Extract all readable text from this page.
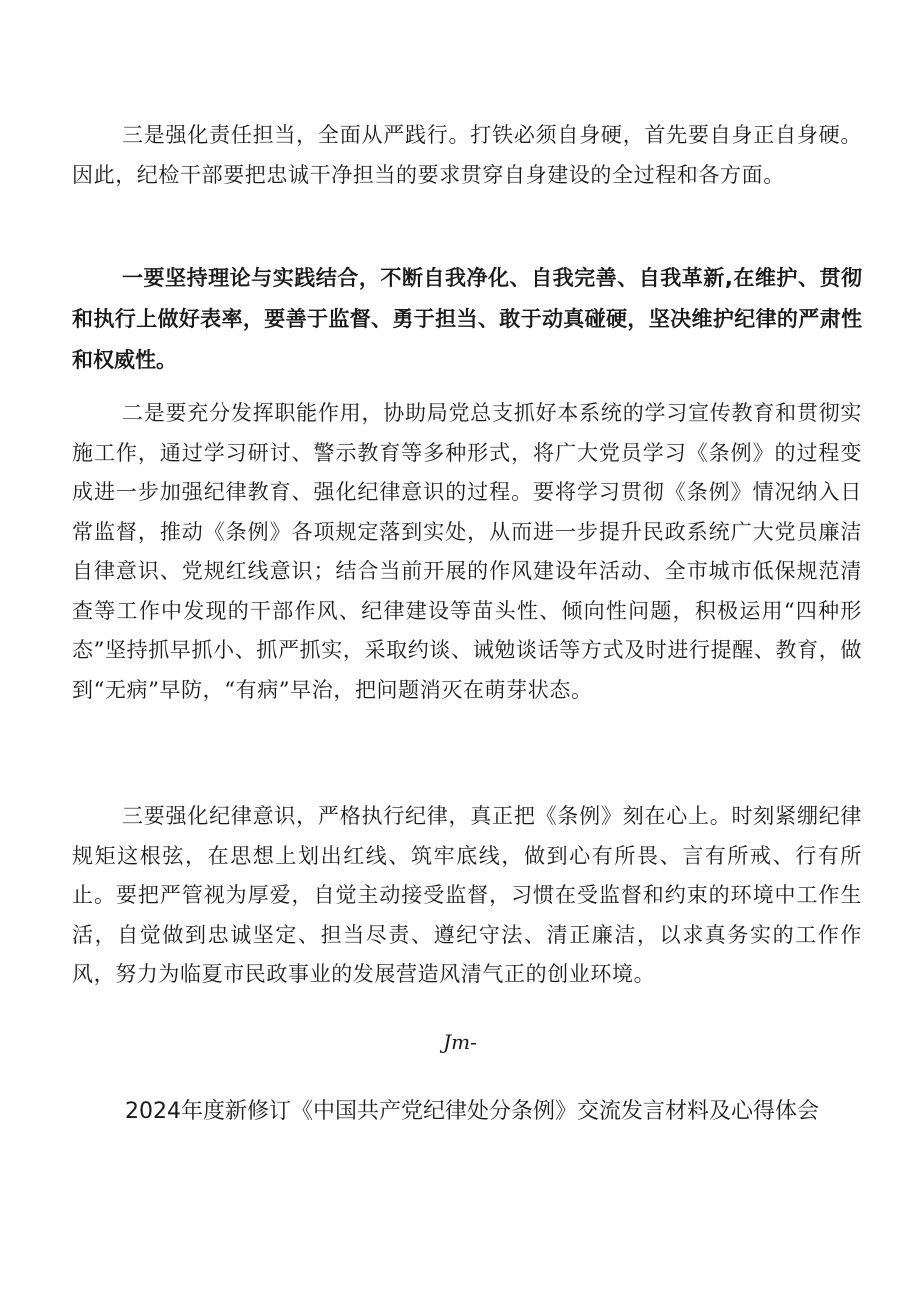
三是强化责任担当，全面从严践行。打铁必须自身硬，首先要自身正自身硬。因此，纪检干部要把忠诚干净担当的要求贯穿自身建设的全过程和各方面。

一要坚持理论与实践结合，不断自我净化、自我完善、自我革新,在维护、贯彻和执行上做好表率，要善于监督、勇于担当、敢于动真碰硬，坚决维护纪律的严肃性和权威性。

二是要充分发挥职能作用，协助局党总支抓好本系统的学习宣传教育和贯彻实施工作，通过学习研讨、警示教育等多种形式，将广大党员学习《条例》的过程变成进一步加强纪律教育、强化纪律意识的过程。要将学习贯彻《条例》情况纳入日常监督，推动《条例》各项规定落到实处，从而进一步提升民政系统广大党员廉洁自律意识、党规红线意识；结合当前开展的作风建设年活动、全市城市低保规范清查等工作中发现的干部作风、纪律建设等苗头性、倾向性问题，积极运用“四种形态”坚持抓早抓小、抓严抓实，采取约谈、诫勉谈话等方式及时进行提醒、教育，做到“无病”早防，“有病”早治，把问题消灭在萌芽状态。

三要强化纪律意识，严格执行纪律，真正把《条例》刻在心上。时刻紧绷纪律规矩这根弦，在思想上划出红线、筑牢底线，做到心有所畏、言有所戒、行有所止。要把严管视为厚爱，自觉主动接受监督，习惯在受监督和约束的环境中工作生活，自觉做到忠诚坚定、担当尽责、遵纪守法、清正廉洁，以求真务实的工作作风，努力为临夏市民政事业的发展营造风清气正的创业环境。

Jm-

2024年度新修订《中国共产党纪律处分条例》交流发言材料及心得体会
